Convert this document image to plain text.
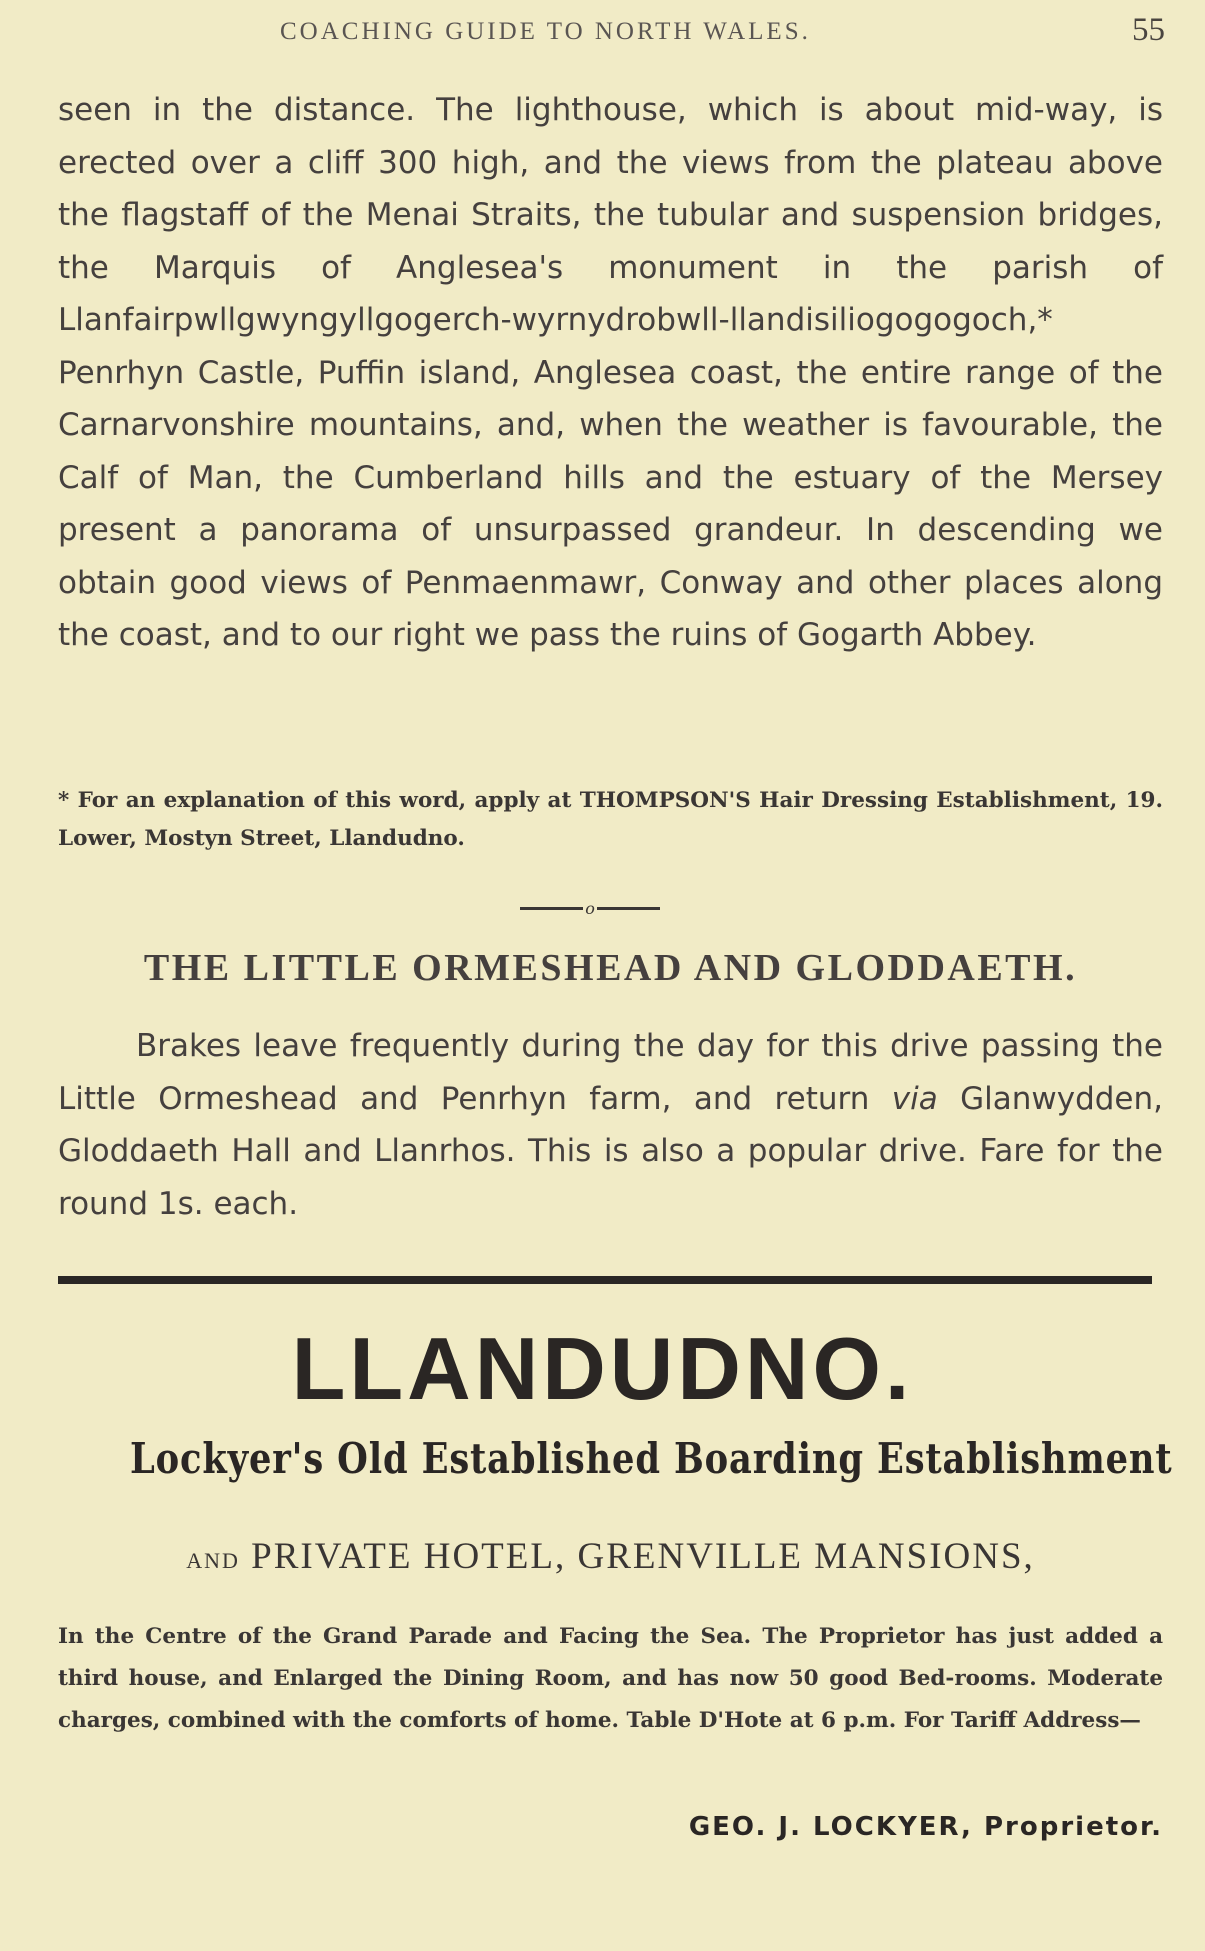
COACHING GUIDE TO NORTH WALES.	55

seen in the distance. The lighthouse, which is about mid-way, is erected over a cliff 300 high, and the views from the plateau above the flagstaff of the Menai Straits, the tubular and suspension bridges, the Marquis of Anglesea's monument in the parish of Llanfairpwllgwyngyllgogerch-wyrnydrobwll-llandisiliogogogoch,* Penrhyn Castle, Puffin island, Anglesea coast, the entire range of the Carnarvonshire mountains, and, when the weather is favourable, the Calf of Man, the Cumberland hills and the estuary of the Mersey present a panorama of unsurpassed grandeur. In descending we obtain good views of Penmaenmawr, Conway and other places along the coast, and to our right we pass the ruins of Gogarth Abbey.

* For an explanation of this word, apply at THOMPSON'S Hair Dressing Establishment, 19. Lower, Mostyn Street, Llandudno.

o
THE LITTLE ORMESHEAD AND GLODDAETH.

Brakes leave frequently during the day for this drive passing the Little Ormeshead and Penrhyn farm, and return via Glanwydden, Gloddaeth Hall and Llanrhos. This is also a popular drive. Fare for the round 1s. each.

LLANDUDNO.
Lockyer's Old Established Boarding Establishment

AND PRIVATE HOTEL, GRENVILLE MANSIONS,

In the Centre of the Grand Parade and Facing the Sea. The Proprietor has just added a third house, and Enlarged the Dining Room, and has now 50 good Bed-rooms. Moderate charges, combined with the comforts of home. Table D'Hote at 6 p.m. For Tariff Address—

GEO. J. LOCKYER, Proprietor.
